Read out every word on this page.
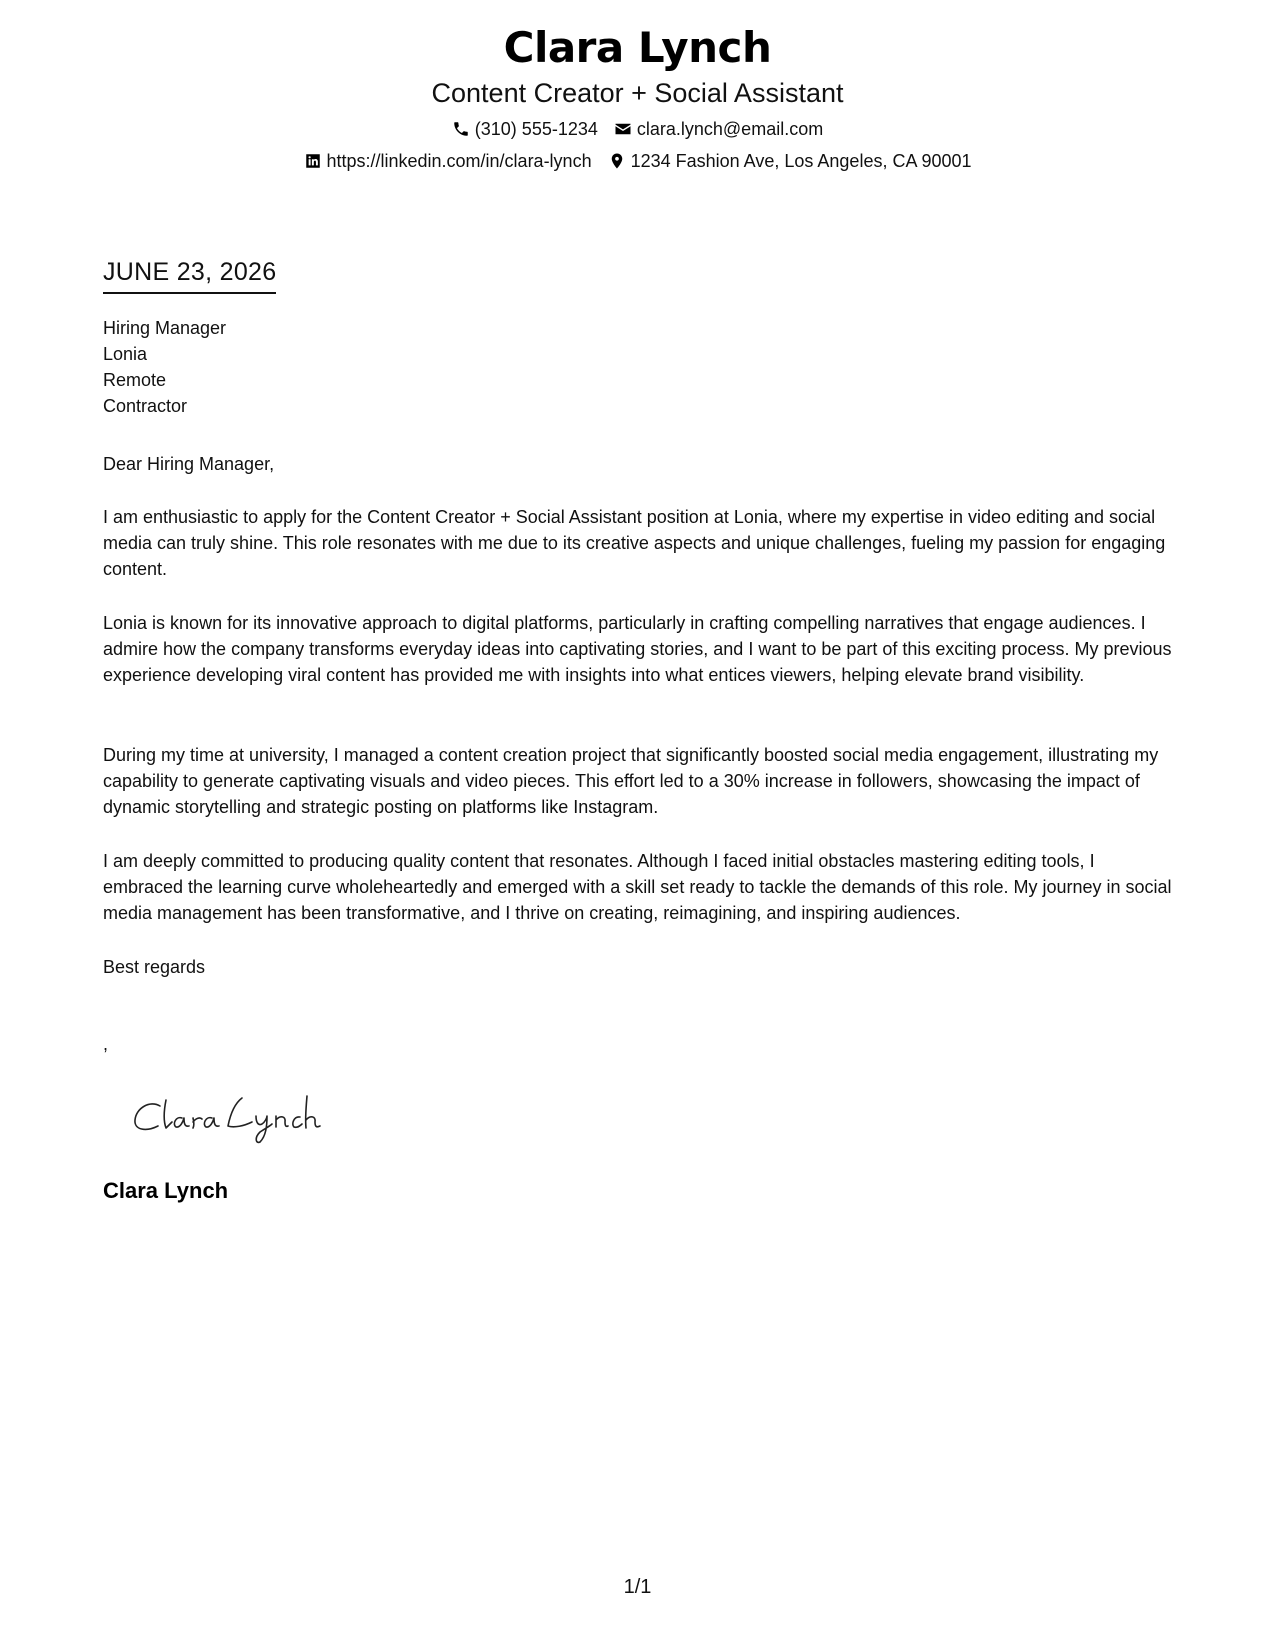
Clara Lynch
Content Creator + Social Assistant
(310) 555-1234 clara.lynch@email.com
https://linkedin.com/in/clara-lynch 1234 Fashion Ave, Los Angeles, CA 90001
JUNE 23, 2026
Hiring Manager
Lonia
Remote
Contractor
Dear Hiring Manager,
I am enthusiastic to apply for the Content Creator + Social Assistant position at Lonia, where my expertise in video editing and social media can truly shine. This role resonates with me due to its creative aspects and unique challenges, fueling my passion for engaging content.
Lonia is known for its innovative approach to digital platforms, particularly in crafting compelling narratives that engage audiences. I admire how the company transforms everyday ideas into captivating stories, and I want to be part of this exciting process. My previous experience developing viral content has provided me with insights into what entices viewers, helping elevate brand visibility.
During my time at university, I managed a content creation project that significantly boosted social media engagement, illustrating my capability to generate captivating visuals and video pieces. This effort led to a 30% increase in followers, showcasing the impact of dynamic storytelling and strategic posting on platforms like Instagram.
I am deeply committed to producing quality content that resonates. Although I faced initial obstacles mastering editing tools, I embraced the learning curve wholeheartedly and emerged with a skill set ready to tackle the demands of this role. My journey in social media management has been transformative, and I thrive on creating, reimagining, and inspiring audiences.
Best regards
,
Clara Lynch
1/1
